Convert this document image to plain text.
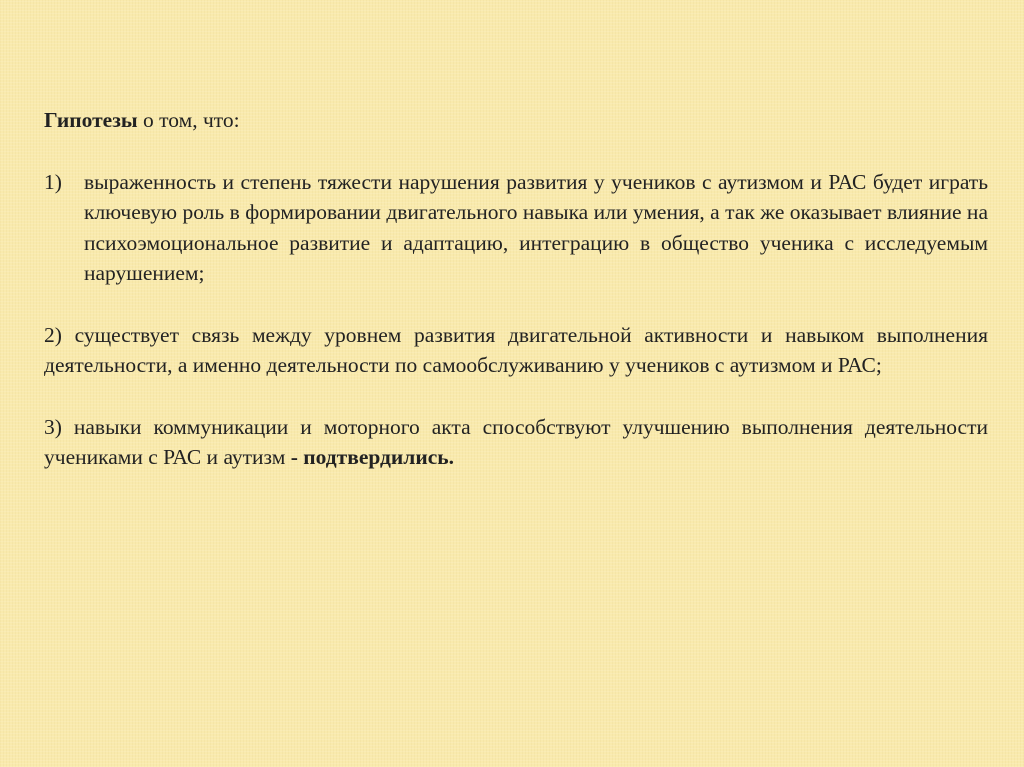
Гипотезы о том, что:

1)	выраженность и степень тяжести нарушения развития у учеников с аутизмом и РАС будет играть ключевую роль в формировании двигательного навыка или умения, а так же оказывает влияние на психоэмоциональное развитие и адаптацию, интеграцию в общество ученика с исследуемым нарушением;

2) существует связь между уровнем развития двигательной активности и навыком выполнения деятельности, а именно деятельности по самообслуживанию у учеников с аутизмом и РАС;

3) навыки коммуникации и моторного акта способствуют улучшению выполнения деятельности учениками с РАС и аутизм - подтвердились.
